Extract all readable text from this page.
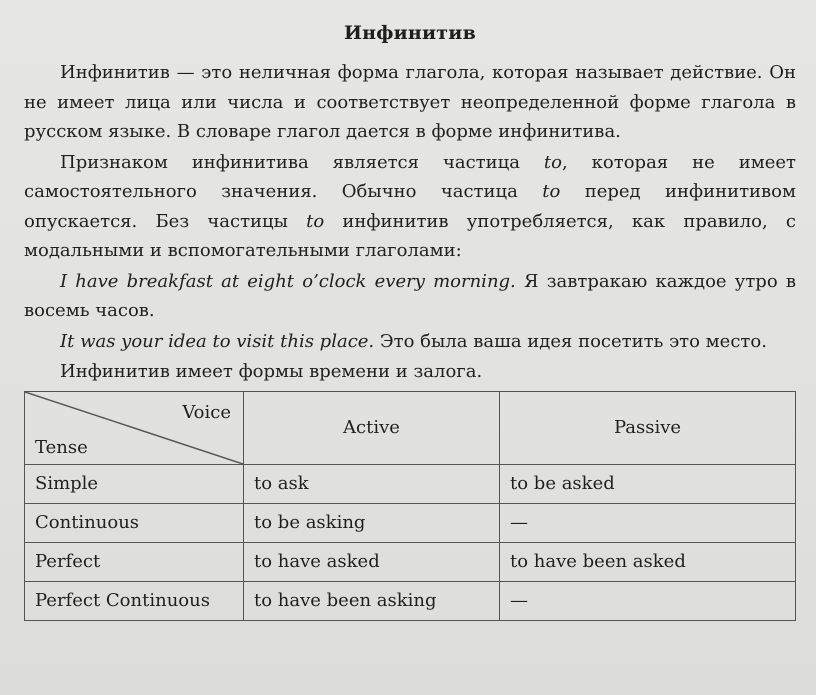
Инфинитив

Инфинитив — это неличная форма глагола, которая называет действие. Он не имеет лица или числа и соответствует неопределенной форме глагола в русском языке. В словаре глагол дается в форме инфинитива.

Признаком инфинитива является частица to, которая не имеет самостоятельного значения. Обычно частица to перед инфинитивом опускается. Без частицы to инфинитив употребляется, как правило, с модальными и вспомогательными глаголами:

I have breakfast at eight o’clock every morning. Я завтракаю каждое утро в восемь часов.

It was your idea to visit this place. Это была ваша идея посетить это место.

Инфинитив имеет формы времени и залога.

Voice
Tense	Active	Passive
Simple	to ask	to be asked
Continuous	to be asking	—
Perfect	to have asked	to have been asked
Perfect Continuous	to have been asking	—
